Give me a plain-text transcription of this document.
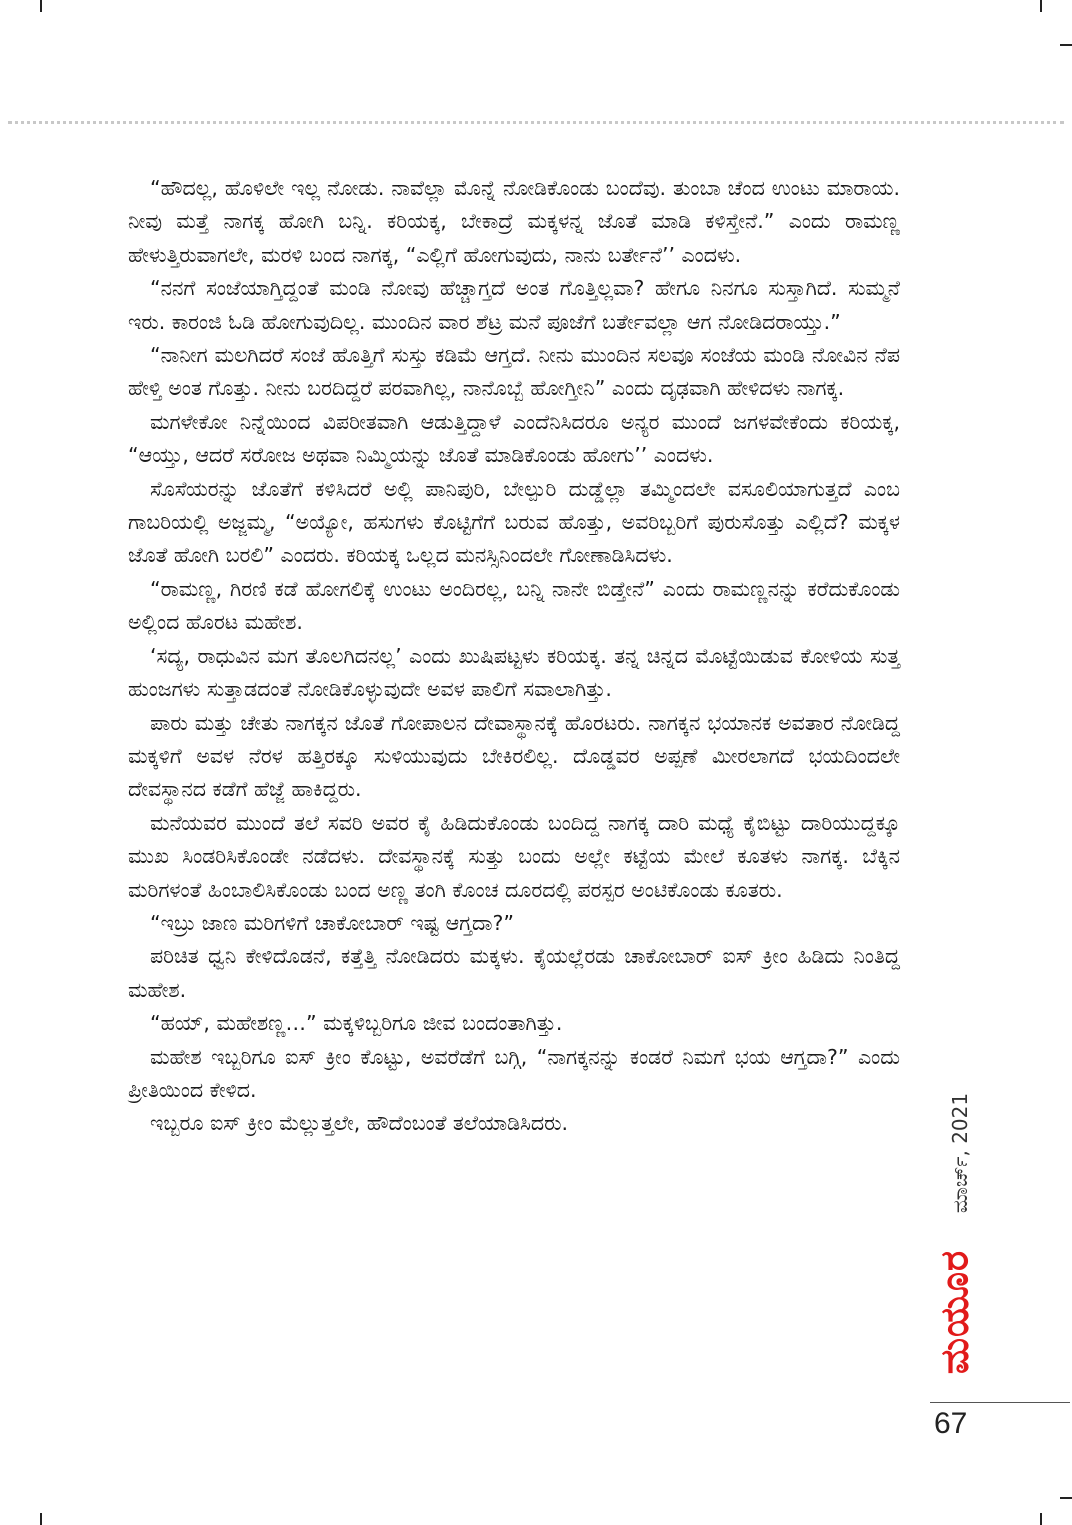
“ಹೌದಲ್ಲ, ಹೊಳಿಲೇ ಇಲ್ಲ ನೋಡು. ನಾವೆಲ್ಲಾ ಮೊನ್ನೆ ನೋಡಿಕೊಂಡು ಬಂದೆವು. ತುಂಬಾ ಚೆಂದ ಉಂಟು ಮಾರಾಯ. ನೀವು ಮತ್ತೆ ನಾಗಕ್ಕ ಹೋಗಿ ಬನ್ನಿ. ಕರಿಯಕ್ಕ, ಬೇಕಾದ್ರೆ ಮಕ್ಕಳನ್ನ ಜೊತೆ ಮಾಡಿ ಕಳಿಸ್ತೇನೆ.” ಎಂದು ರಾಮಣ್ಣ ಹೇಳುತ್ತಿರುವಾಗಲೇ, ಮರಳಿ ಬಂದ ನಾಗಕ್ಕ, “ಎಲ್ಲಿಗೆ ಹೋಗುವುದು, ನಾನು ಬರ್ತೇನೆ’’ ಎಂದಳು.

“ನನಗೆ ಸಂಜೆಯಾಗ್ತಿದ್ದಂತೆ ಮಂಡಿ ನೋವು ಹೆಚ್ಚಾಗ್ತದೆ ಅಂತ ಗೊತ್ತಿಲ್ಲವಾ? ಹೇಗೂ ನಿನಗೂ ಸುಸ್ತಾಗಿದೆ. ಸುಮ್ಮನೆ ಇರು. ಕಾರಂಜಿ ಓಡಿ ಹೋಗುವುದಿಲ್ಲ. ಮುಂದಿನ ವಾರ ಶೆಟ್ರ ಮನೆ ಪೂಜೆಗೆ ಬರ್ತೇವಲ್ಲಾ ಆಗ ನೋಡಿದರಾಯ್ತು.”

“ನಾನೀಗ ಮಲಗಿದರೆ ಸಂಜೆ ಹೊತ್ತಿಗೆ ಸುಸ್ತು ಕಡಿಮೆ ಆಗ್ತದೆ. ನೀನು ಮುಂದಿನ ಸಲವೂ ಸಂಜೆಯ ಮಂಡಿ ನೋವಿನ ನೆಪ ಹೇಳ್ತಿ ಅಂತ ಗೊತ್ತು. ನೀನು ಬರದಿದ್ದರೆ ಪರವಾಗಿಲ್ಲ, ನಾನೊಬ್ಬೆ ಹೋಗ್ತೀನಿ” ಎಂದು ದೃಢವಾಗಿ ಹೇಳಿದಳು ನಾಗಕ್ಕ.

ಮಗಳೇಕೋ ನಿನ್ನೆಯಿಂದ ವಿಪರೀತವಾಗಿ ಆಡುತ್ತಿದ್ದಾಳೆ ಎಂದೆನಿಸಿದರೂ ಅನ್ಯರ ಮುಂದೆ ಜಗಳವೇಕೆಂದು ಕರಿಯಕ್ಕ, “ಆಯ್ತು, ಆದರೆ ಸರೋಜ ಅಥವಾ ನಿಮ್ಮಿಯನ್ನು ಜೊತೆ ಮಾಡಿಕೊಂಡು ಹೋಗು’’ ಎಂದಳು.

ಸೊಸೆಯರನ್ನು ಜೊತೆಗೆ ಕಳಿಸಿದರೆ ಅಲ್ಲಿ ಪಾನಿಪುರಿ, ಬೇಲ್ಪುರಿ ದುಡ್ಡೆಲ್ಲಾ ತಮ್ಮಿಂದಲೇ ವಸೂಲಿಯಾಗುತ್ತದೆ ಎಂಬ ಗಾಬರಿಯಲ್ಲಿ ಅಜ್ಜಮ್ಮ, “ಅಯ್ಯೋ, ಹಸುಗಳು ಕೊಟ್ಟಿಗೆಗೆ ಬರುವ ಹೊತ್ತು, ಅವರಿಬ್ಬರಿಗೆ ಪುರುಸೊತ್ತು ಎಲ್ಲಿದೆ? ಮಕ್ಕಳ ಜೊತೆ ಹೋಗಿ ಬರಲಿ” ಎಂದರು. ಕರಿಯಕ್ಕ ಒಲ್ಲದ ಮನಸ್ಸಿನಿಂದಲೇ ಗೋಣಾಡಿಸಿದಳು.

“ರಾಮಣ್ಣ, ಗಿರಣಿ ಕಡೆ ಹೋಗಲಿಕ್ಕೆ ಉಂಟು ಅಂದಿರಲ್ಲ, ಬನ್ನಿ ನಾನೇ ಬಿಡ್ತೇನೆ” ಎಂದು ರಾಮಣ್ಣನನ್ನು ಕರೆದುಕೊಂಡು ಅಲ್ಲಿಂದ ಹೊರಟ ಮಹೇಶ.

‘ಸದ್ಯ, ರಾಧುವಿನ ಮಗ ತೊಲಗಿದನಲ್ಲ’ ಎಂದು ಖುಷಿಪಟ್ಟಳು ಕರಿಯಕ್ಕ. ತನ್ನ ಚಿನ್ನದ ಮೊಟ್ಟೆಯಿಡುವ ಕೋಳಿಯ ಸುತ್ತ ಹುಂಜಗಳು ಸುತ್ತಾಡದಂತೆ ನೋಡಿಕೊಳ್ಳುವುದೇ ಅವಳ ಪಾಲಿಗೆ ಸವಾಲಾಗಿತ್ತು.

ಪಾರು ಮತ್ತು ಚೇತು ನಾಗಕ್ಕನ ಜೊತೆ ಗೋಪಾಲನ ದೇವಾಸ್ಥಾನಕ್ಕೆ ಹೊರಟರು. ನಾಗಕ್ಕನ ಭಯಾನಕ ಅವತಾರ ನೋಡಿದ್ದ ಮಕ್ಕಳಿಗೆ ಅವಳ ನೆರಳ ಹತ್ತಿರಕ್ಕೂ ಸುಳಿಯುವುದು ಬೇಕಿರಲಿಲ್ಲ. ದೊಡ್ಡವರ ಅಪ್ಪಣೆ ಮೀರಲಾಗದೆ ಭಯದಿಂದಲೇ ದೇವಸ್ಥಾನದ ಕಡೆಗೆ ಹೆಜ್ಜೆ ಹಾಕಿದ್ದರು.

ಮನೆಯವರ ಮುಂದೆ ತಲೆ ಸವರಿ ಅವರ ಕೈ ಹಿಡಿದುಕೊಂಡು ಬಂದಿದ್ದ ನಾಗಕ್ಕ ದಾರಿ ಮಧ್ಯೆ ಕೈಬಿಟ್ಟು ದಾರಿಯುದ್ದಕ್ಕೂ ಮುಖ ಸಿಂಡರಿಸಿಕೊಂಡೇ ನಡೆದಳು. ದೇವಸ್ಥಾನಕ್ಕೆ ಸುತ್ತು ಬಂದು ಅಲ್ಲೇ ಕಟ್ಟೆಯ ಮೇಲೆ ಕೂತಳು ನಾಗಕ್ಕ. ಬೆಕ್ಕಿನ ಮರಿಗಳಂತೆ ಹಿಂಬಾಲಿಸಿಕೊಂಡು ಬಂದ ಅಣ್ಣ ತಂಗಿ ಕೊಂಚ ದೂರದಲ್ಲಿ ಪರಸ್ಪರ ಅಂಟಿಕೊಂಡು ಕೂತರು.

“ಇಬ್ರು ಜಾಣ ಮರಿಗಳಿಗೆ ಚಾಕೋಬಾರ್ ಇಷ್ಟ ಆಗ್ತದಾ?”

ಪರಿಚಿತ ಧ್ವನಿ ಕೇಳಿದೊಡನೆ, ಕತ್ತೆತ್ತಿ ನೋಡಿದರು ಮಕ್ಕಳು. ಕೈಯಲ್ಲೆರಡು ಚಾಕೋಬಾರ್ ಐಸ್ ಕ್ರೀಂ ಹಿಡಿದು ನಿಂತಿದ್ದ ಮಹೇಶ.

“ಹಯ್, ಮಹೇಶಣ್ಣ…” ಮಕ್ಕಳಿಬ್ಬರಿಗೂ ಜೀವ ಬಂದಂತಾಗಿತ್ತು.

ಮಹೇಶ ಇಬ್ಬರಿಗೂ ಐಸ್ ಕ್ರೀಂ ಕೊಟ್ಟು, ಅವರೆಡೆಗೆ ಬಗ್ಗಿ, “ನಾಗಕ್ಕನನ್ನು ಕಂಡರೆ ನಿಮಗೆ ಭಯ ಆಗ್ತದಾ?” ಎಂದು ಪ್ರೀತಿಯಿಂದ ಕೇಳಿದ.

ಇಬ್ಬರೂ ಐಸ್ ಕ್ರೀಂ ಮೆಲ್ಲುತ್ತಲೇ, ಹೌದೆಂಬಂತೆ ತಲೆಯಾಡಿಸಿದರು.	ಮಾರ್ಚ್, 2021
ಮಯೂರ
67
